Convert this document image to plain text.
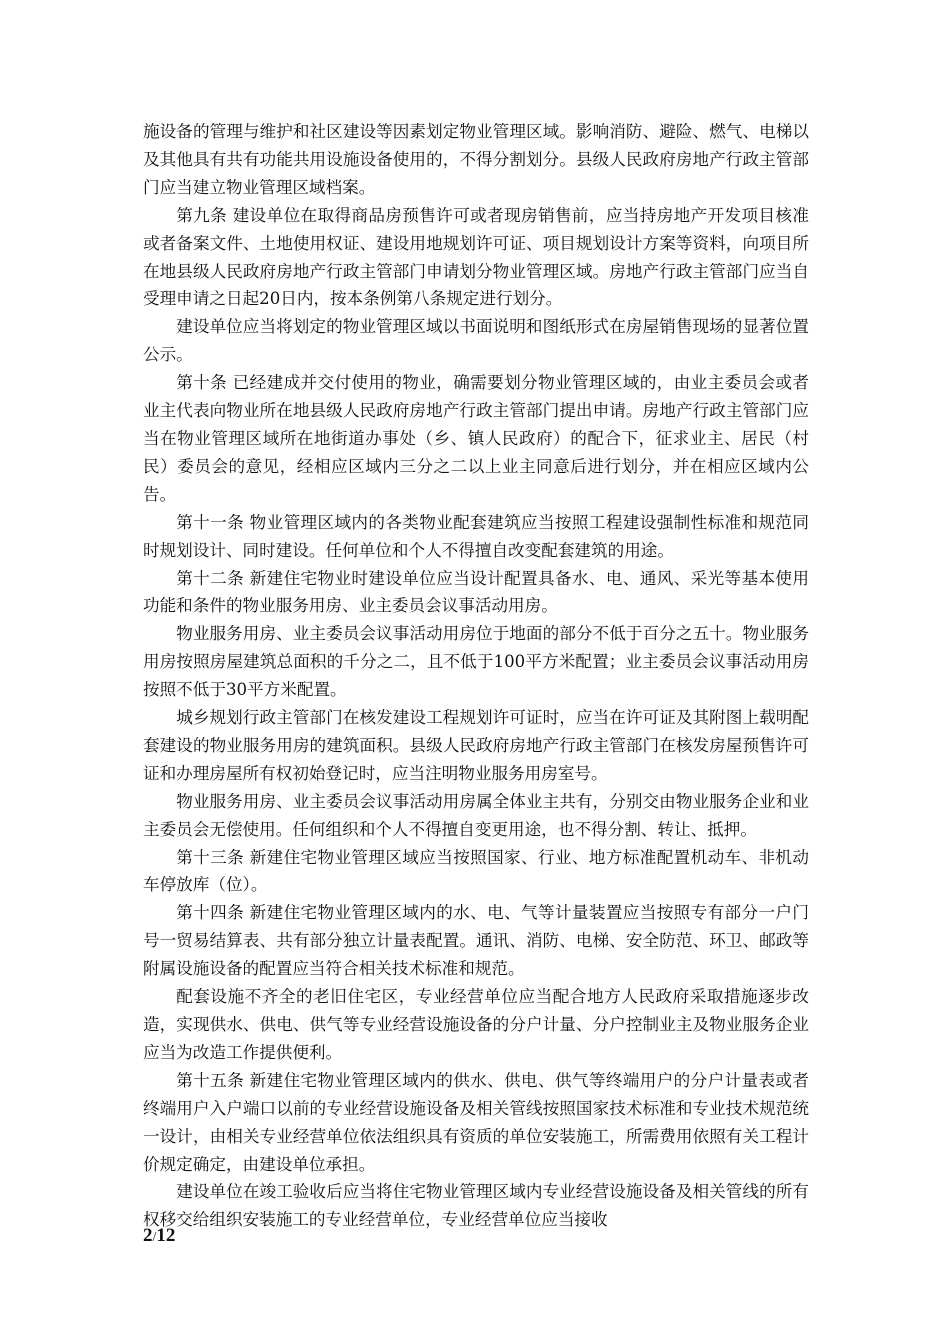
施设备的管理与维护和社区建设等因素划定物业管理区域。影响消防、避险、燃气、电梯以及其他具有共有功能共用设施设备使用的，不得分割划分。县级人民政府房地产行政主管部门应当建立物业管理区域档案。

第九条 建设单位在取得商品房预售许可或者现房销售前，应当持房地产开发项目核准或者备案文件、土地使用权证、建设用地规划许可证、项目规划设计方案等资料，向项目所在地县级人民政府房地产行政主管部门申请划分物业管理区域。房地产行政主管部门应当自受理申请之日起20日内，按本条例第八条规定进行划分。

建设单位应当将划定的物业管理区域以书面说明和图纸形式在房屋销售现场的显著位置公示。

第十条 已经建成并交付使用的物业，确需要划分物业管理区域的，由业主委员会或者业主代表向物业所在地县级人民政府房地产行政主管部门提出申请。房地产行政主管部门应当在物业管理区域所在地街道办事处（乡、镇人民政府）的配合下，征求业主、居民（村民）委员会的意见，经相应区域内三分之二以上业主同意后进行划分，并在相应区域内公告。

第十一条 物业管理区域内的各类物业配套建筑应当按照工程建设强制性标准和规范同时规划设计、同时建设。任何单位和个人不得擅自改变配套建筑的用途。

第十二条 新建住宅物业时建设单位应当设计配置具备水、电、通风、采光等基本使用功能和条件的物业服务用房、业主委员会议事活动用房。

物业服务用房、业主委员会议事活动用房位于地面的部分不低于百分之五十。物业服务用房按照房屋建筑总面积的千分之二，且不低于100平方米配置；业主委员会议事活动用房按照不低于30平方米配置。

城乡规划行政主管部门在核发建设工程规划许可证时，应当在许可证及其附图上载明配套建设的物业服务用房的建筑面积。县级人民政府房地产行政主管部门在核发房屋预售许可证和办理房屋所有权初始登记时，应当注明物业服务用房室号。

物业服务用房、业主委员会议事活动用房属全体业主共有，分别交由物业服务企业和业主委员会无偿使用。任何组织和个人不得擅自变更用途，也不得分割、转让、抵押。

第十三条 新建住宅物业管理区域应当按照国家、行业、地方标准配置机动车、非机动车停放库（位）。

第十四条 新建住宅物业管理区域内的水、电、气等计量装置应当按照专有部分一户门号一贸易结算表、共有部分独立计量表配置。通讯、消防、电梯、安全防范、环卫、邮政等附属设施设备的配置应当符合相关技术标准和规范。

配套设施不齐全的老旧住宅区，专业经营单位应当配合地方人民政府采取措施逐步改造，实现供水、供电、供气等专业经营设施设备的分户计量、分户控制业主及物业服务企业应当为改造工作提供便利。

第十五条 新建住宅物业管理区域内的供水、供电、供气等终端用户的分户计量表或者终端用户入户端口以前的专业经营设施设备及相关管线按照国家技术标准和专业技术规范统一设计，由相关专业经营单位依法组织具有资质的单位安装施工，所需费用依照有关工程计价规定确定，由建设单位承担。

建设单位在竣工验收后应当将住宅物业管理区域内专业经营设施设备及相关管线的所有权移交给组织安装施工的专业经营单位，专业经营单位应当接收

2/12
